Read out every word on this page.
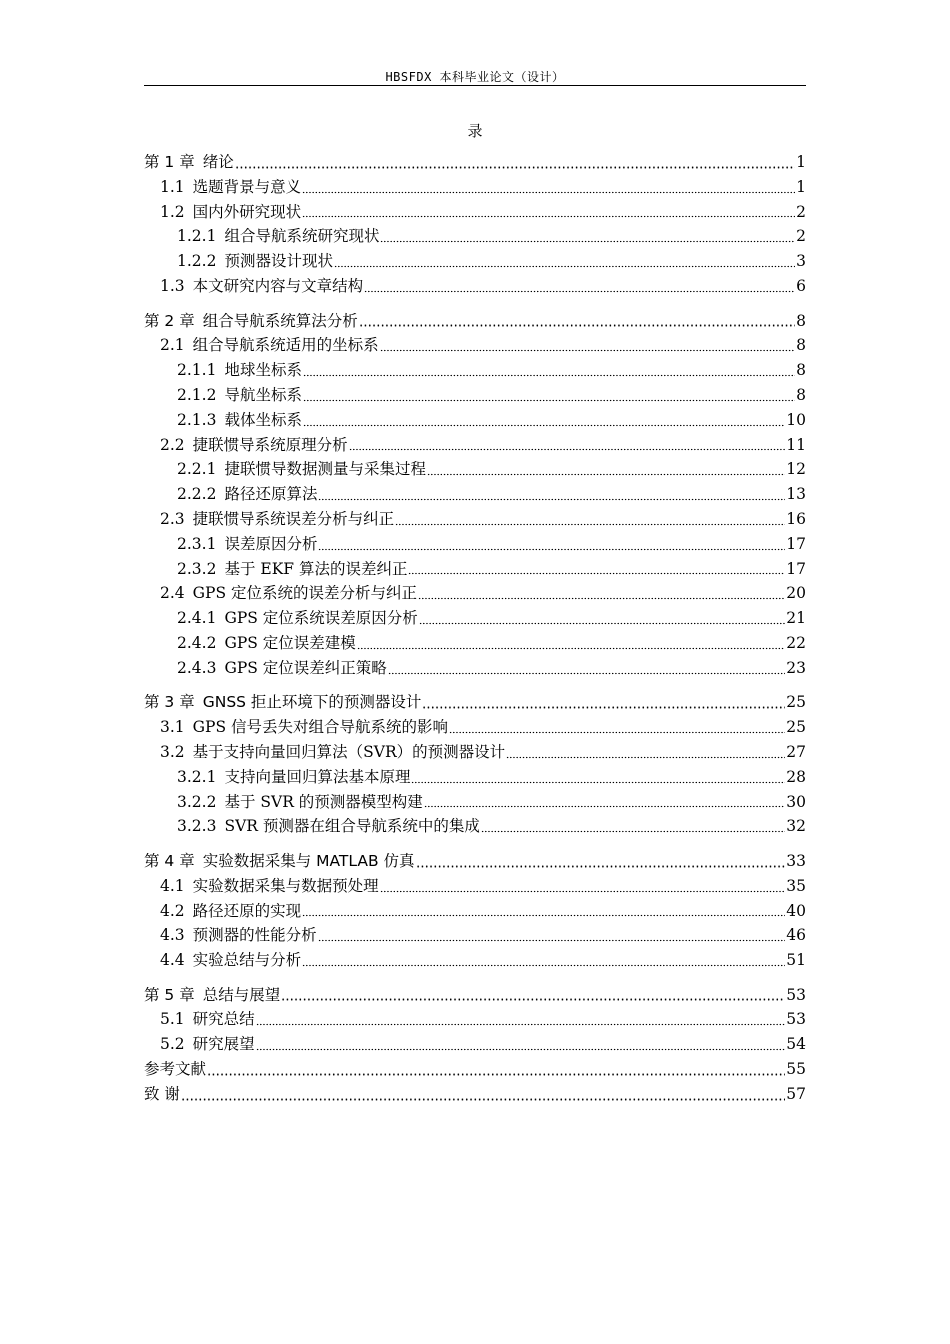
HBSFDX 本科毕业论文（设计）
录
第 1 章 绪论	1
1.1 选题背景与意义	1
1.2 国内外研究现状	2
1.2.1 组合导航系统研究现状	2
1.2.2 预测器设计现状	3
1.3 本文研究内容与文章结构	6
第 2 章 组合导航系统算法分析	8
2.1 组合导航系统适用的坐标系	8
2.1.1 地球坐标系	8
2.1.2 导航坐标系	8
2.1.3 载体坐标系	10
2.2 捷联惯导系统原理分析	11
2.2.1 捷联惯导数据测量与采集过程	12
2.2.2 路径还原算法	13
2.3 捷联惯导系统误差分析与纠正	16
2.3.1 误差原因分析	17
2.3.2 基于 EKF 算法的误差纠正	17
2.4 GPS 定位系统的误差分析与纠正	20
2.4.1 GPS 定位系统误差原因分析	21
2.4.2 GPS 定位误差建模	22
2.4.3 GPS 定位误差纠正策略	23
第 3 章 GNSS 拒止环境下的预测器设计	25
3.1 GPS 信号丢失对组合导航系统的影响	25
3.2 基于支持向量回归算法（SVR）的预测器设计	27
3.2.1 支持向量回归算法基本原理	28
3.2.2 基于 SVR 的预测器模型构建	30
3.2.3 SVR 预测器在组合导航系统中的集成	32
第 4 章 实验数据采集与 MATLAB 仿真	33
4.1 实验数据采集与数据预处理	35
4.2 路径还原的实现	40
4.3 预测器的性能分析	46
4.4 实验总结与分析	51
第 5 章 总结与展望	53
5.1 研究总结	53
5.2 研究展望	54
参考文献	55
致 谢	57
